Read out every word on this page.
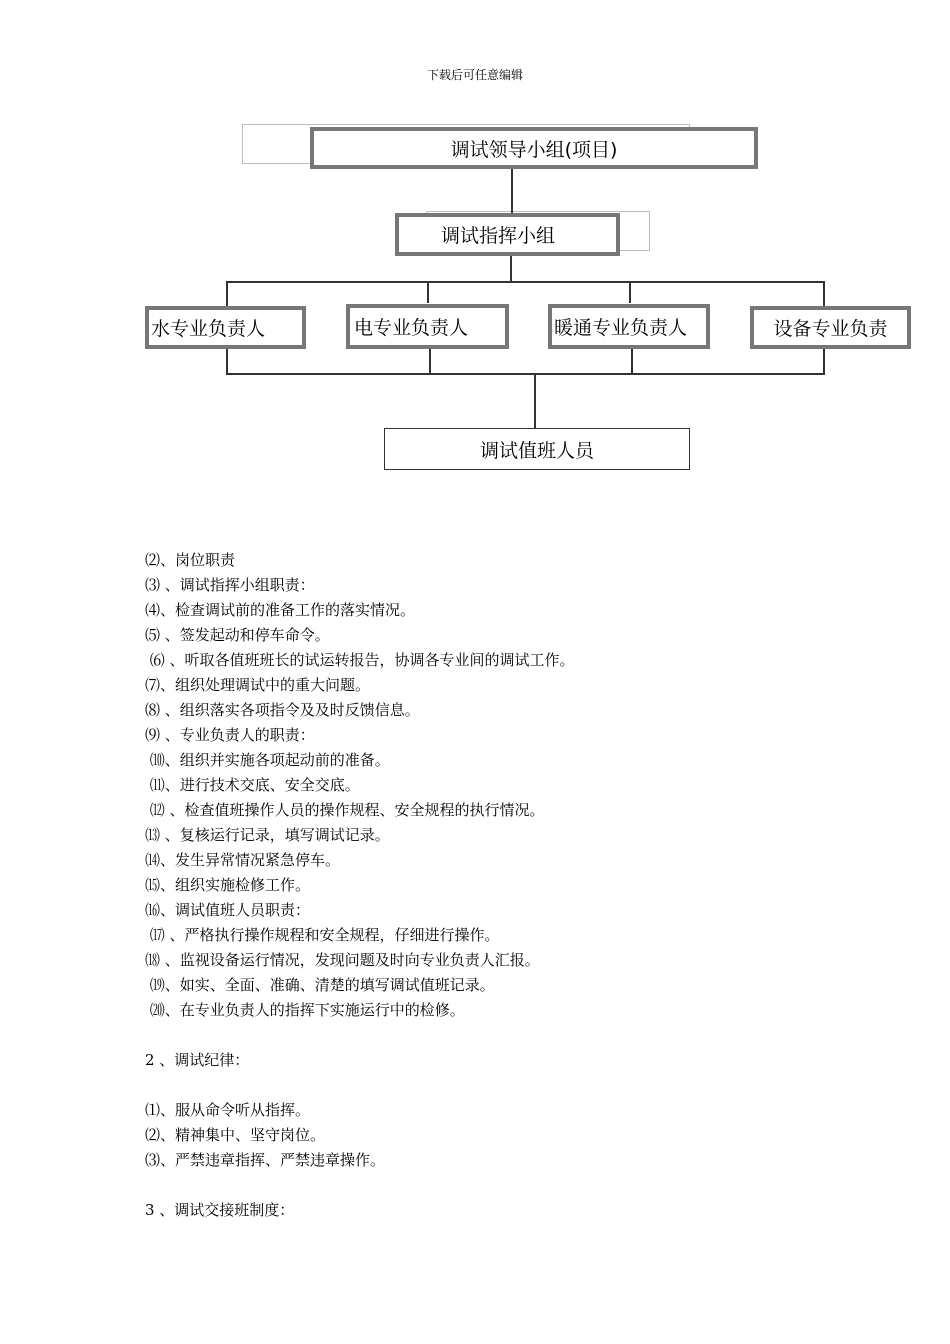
下载后可任意编辑
调试领导小组(项目)
调试指挥小组
水专业负责人	电专业负责人	暖通专业负责人	设备专业负责
调试值班人员
⑵、岗位职责
⑶ 、调试指挥小组职责：
⑷、检查调试前的准备工作的落实情况。
⑸ 、签发起动和停车命令。
⑹ 、听取各值班班长的试运转报告，协调各专业间的调试工作。
⑺、组织处理调试中的重大问题。
⑻ 、组织落实各项指令及及时反馈信息。
⑼ 、专业负责人的职责：
⑽、组织并实施各项起动前的准备。
⑾、进行技术交底、安全交底。
⑿ 、检查值班操作人员的操作规程、安全规程的执行情况。
⒀ 、复核运行记录，填写调试记录。
⒁、发生异常情况紧急停车。
⒂、组织实施检修工作。
⒃、调试值班人员职责：
⒄ 、严格执行操作规程和安全规程，仔细进行操作。
⒅ 、监视设备运行情况，发现问题及时向专业负责人汇报。
⒆、如实、全面、准确、清楚的填写调试值班记录。
⒇、在专业负责人的指挥下实施运行中的检修。
2 、调试纪律：
⑴、服从命令听从指挥。
⑵、精神集中、坚守岗位。
⑶、严禁违章指挥、严禁违章操作。
3 、调试交接班制度：
